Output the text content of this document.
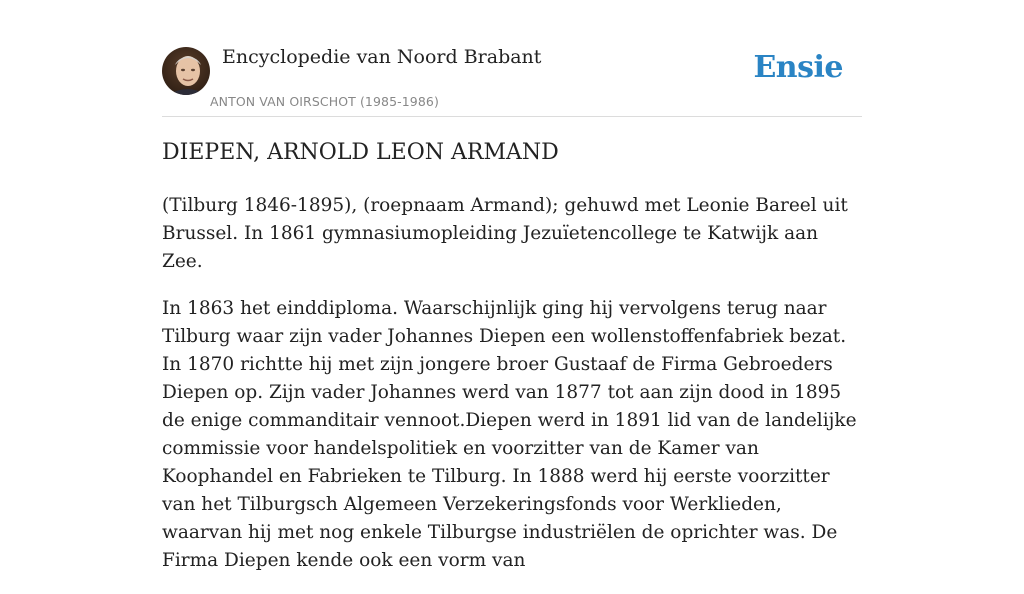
Encyclopedie van Noord Brabant
ANTON VAN OIRSCHOT (1985-1986)
Ensie
DIEPEN, ARNOLD LEON ARMAND

(Tilburg 1846-1895), (roepnaam Armand); gehuwd met Leonie Bareel uit Brussel. In 1861 gymnasiumopleiding Jezuïetencollege te Katwijk aan Zee.

In 1863 het einddiploma. Waarschijnlijk ging hij vervolgens terug naar Tilburg waar zijn vader Johannes Diepen een wollenstoffenfabriek bezat. In 1870 richtte hij met zijn jongere broer Gustaaf de Firma Gebroeders Diepen op. Zijn vader Johannes werd van 1877 tot aan zijn dood in 1895 de enige commanditair vennoot.Diepen werd in 1891 lid van de landelijke commissie voor handelspolitiek en voorzitter van de Kamer van Koophandel en Fabrieken te Tilburg. In 1888 werd hij eerste voorzitter van het Tilburgsch Algemeen Verzekeringsfonds voor Werklieden, waarvan hij met nog enkele Tilburgse industriëlen de oprichter was. De Firma Diepen kende ook een vorm van
